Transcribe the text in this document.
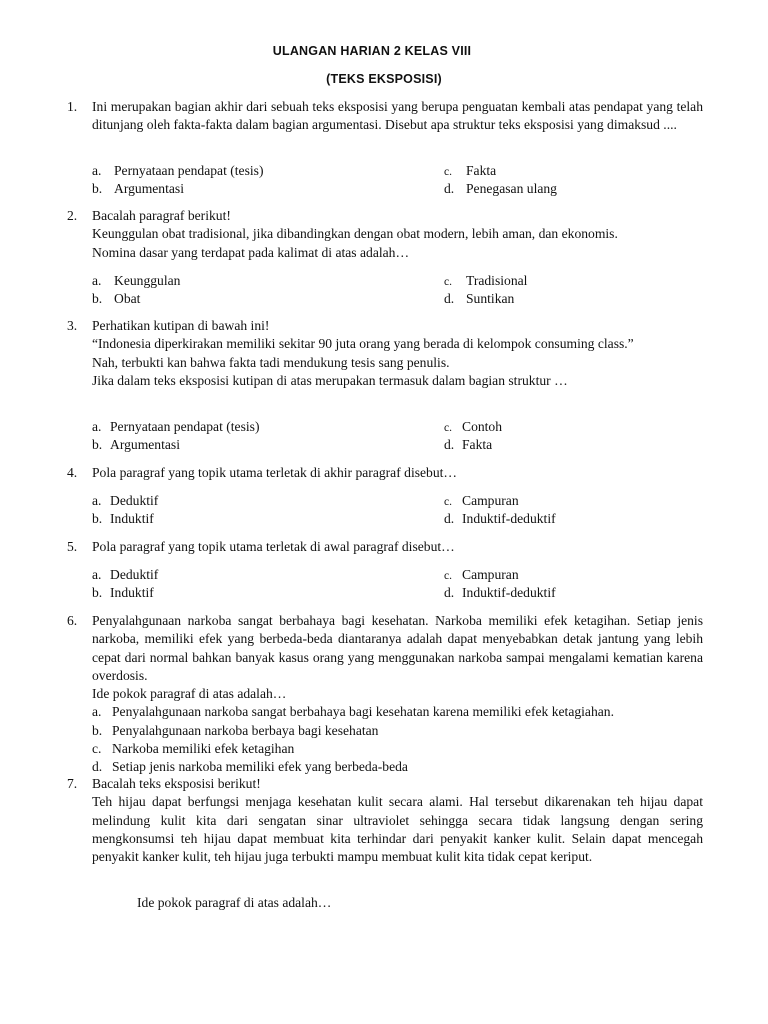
ULANGAN HARIAN 2 KELAS VIII
(TEKS EKSPOSISI)
1. Ini merupakan bagian akhir dari sebuah teks eksposisi yang berupa penguatan kembali atas pendapat yang telah ditunjang oleh fakta-fakta dalam bagian argumentasi. Disebut apa struktur teks eksposisi yang dimaksud ....
a. Pernyataan pendapat (tesis)
b. Argumentasi
c. Fakta
d. Penegasan ulang
2. Bacalah paragraf berikut!
Keunggulan obat tradisional, jika dibandingkan dengan obat modern, lebih aman, dan ekonomis.
Nomina dasar yang terdapat pada kalimat di atas adalah…
a. Keunggulan
b. Obat
c. Tradisional
d. Suntikan
3. Perhatikan kutipan di bawah ini!
“Indonesia diperkirakan memiliki sekitar 90 juta orang yang berada di kelompok consuming class.”
Nah, terbukti kan bahwa fakta tadi mendukung tesis sang penulis.
Jika dalam teks eksposisi kutipan di atas merupakan termasuk dalam bagian struktur …
a. Pernyataan pendapat (tesis)
b. Argumentasi
c. Contoh
d. Fakta
4. Pola paragraf yang topik utama terletak di akhir paragraf disebut…
a. Deduktif
b. Induktif
c. Campuran
d. Induktif-deduktif
5. Pola paragraf yang topik utama terletak di awal paragraf disebut…
a. Deduktif
b. Induktif
c. Campuran
d. Induktif-deduktif
6. Penyalahgunaan narkoba sangat berbahaya bagi kesehatan. Narkoba memiliki efek ketagihan. Setiap jenis narkoba, memiliki efek yang berbeda-beda diantaranya adalah dapat menyebabkan detak jantung yang lebih cepat dari normal bahkan banyak kasus orang yang menggunakan narkoba sampai mengalami kematian karena overdosis.
Ide pokok paragraf di atas adalah…
a. Penyalahgunaan narkoba sangat berbahaya bagi kesehatan karena memiliki efek ketagiahan.
b. Penyalahgunaan narkoba berbaya bagi kesehatan
c. Narkoba memiliki efek ketagihan
d. Setiap jenis narkoba memiliki efek yang berbeda-beda
7. Bacalah teks eksposisi berikut!
Teh hijau dapat berfungsi menjaga kesehatan kulit secara alami. Hal tersebut dikarenakan teh hijau dapat melindung kulit kita dari sengatan sinar ultraviolet sehingga secara tidak langsung dengan sering mengkonsumsi teh hijau dapat membuat kita terhindar dari penyakit kanker kulit. Selain dapat mencegah penyakit kanker kulit, teh hijau juga terbukti mampu membuat kulit kita tidak cepat keriput.
Ide pokok paragraf di atas adalah…
